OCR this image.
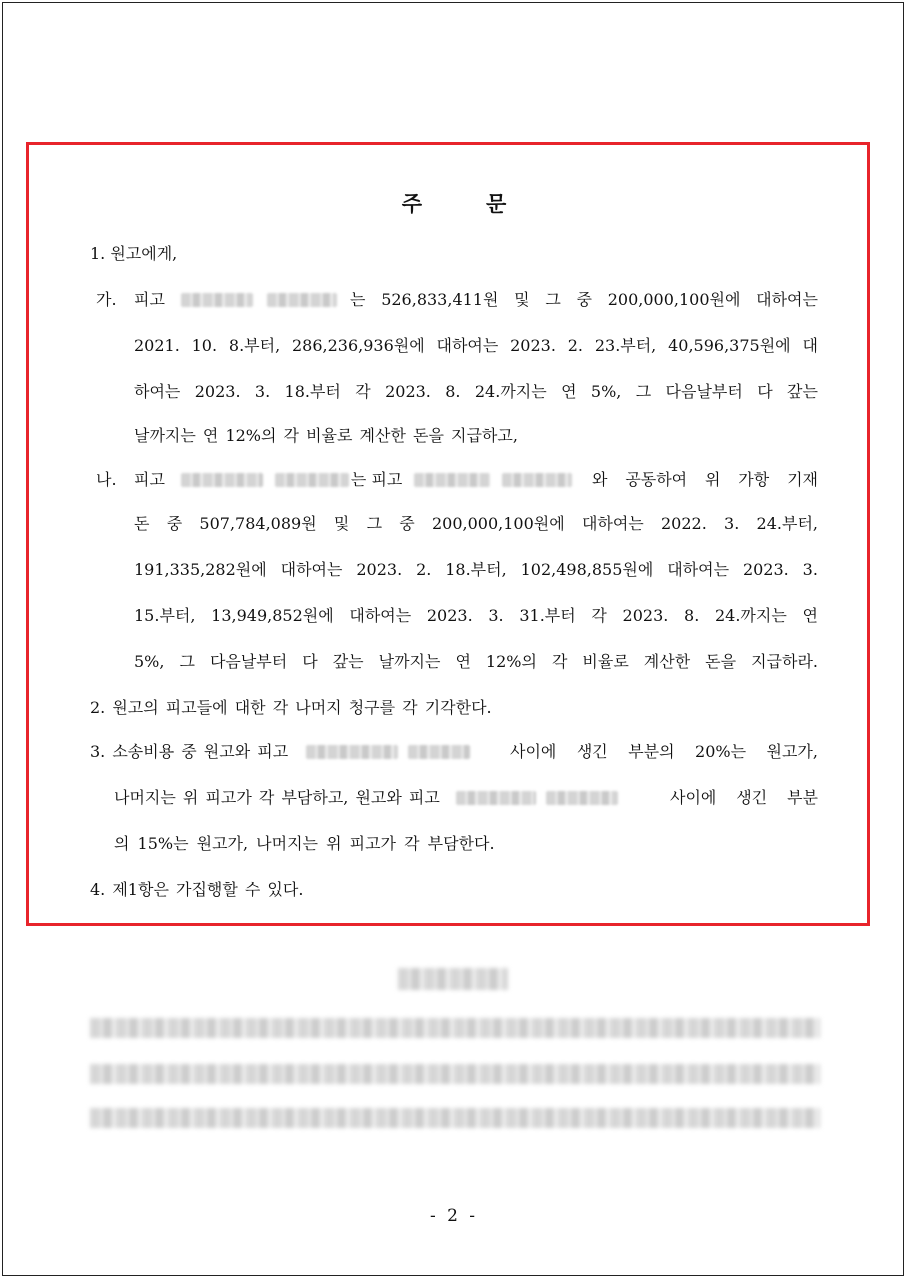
주	문
1. 원고에게,
가. 피고	는 526,833,411원 및 그 중 200,000,100원에 대하여는
2021. 10. 8.부터, 286,236,936원에 대하여는 2023. 2. 23.부터, 40,596,375원에 대
하여는 2023. 3. 18.부터 각 2023. 8. 24.까지는 연 5%, 그 다음날부터 다 갚는
날까지는 연 12%의 각 비율로 계산한 돈을 지급하고,
나. 피고	는 피고	와 공동하여 위 가항 기재
돈 중 507,784,089원 및 그 중 200,000,100원에 대하여는 2022. 3. 24.부터,
191,335,282원에 대하여는 2023. 2. 18.부터, 102,498,855원에 대하여는 2023. 3.
15.부터, 13,949,852원에 대하여는 2023. 3. 31.부터 각 2023. 8. 24.까지는 연
5%, 그 다음날부터 다 갚는 날까지는 연 12%의 각 비율로 계산한 돈을 지급하라.
2. 원고의 피고들에 대한 각 나머지 청구를 각 기각한다.
3. 소송비용 중 원고와 피고	사이에 생긴 부분의 20%는 원고가,
나머지는 위 피고가 각 부담하고, 원고와 피고	사이에 생긴 부분
의 15%는 원고가, 나머지는 위 피고가 각 부담한다.
4. 제1항은 가집행할 수 있다.
- 2 -
